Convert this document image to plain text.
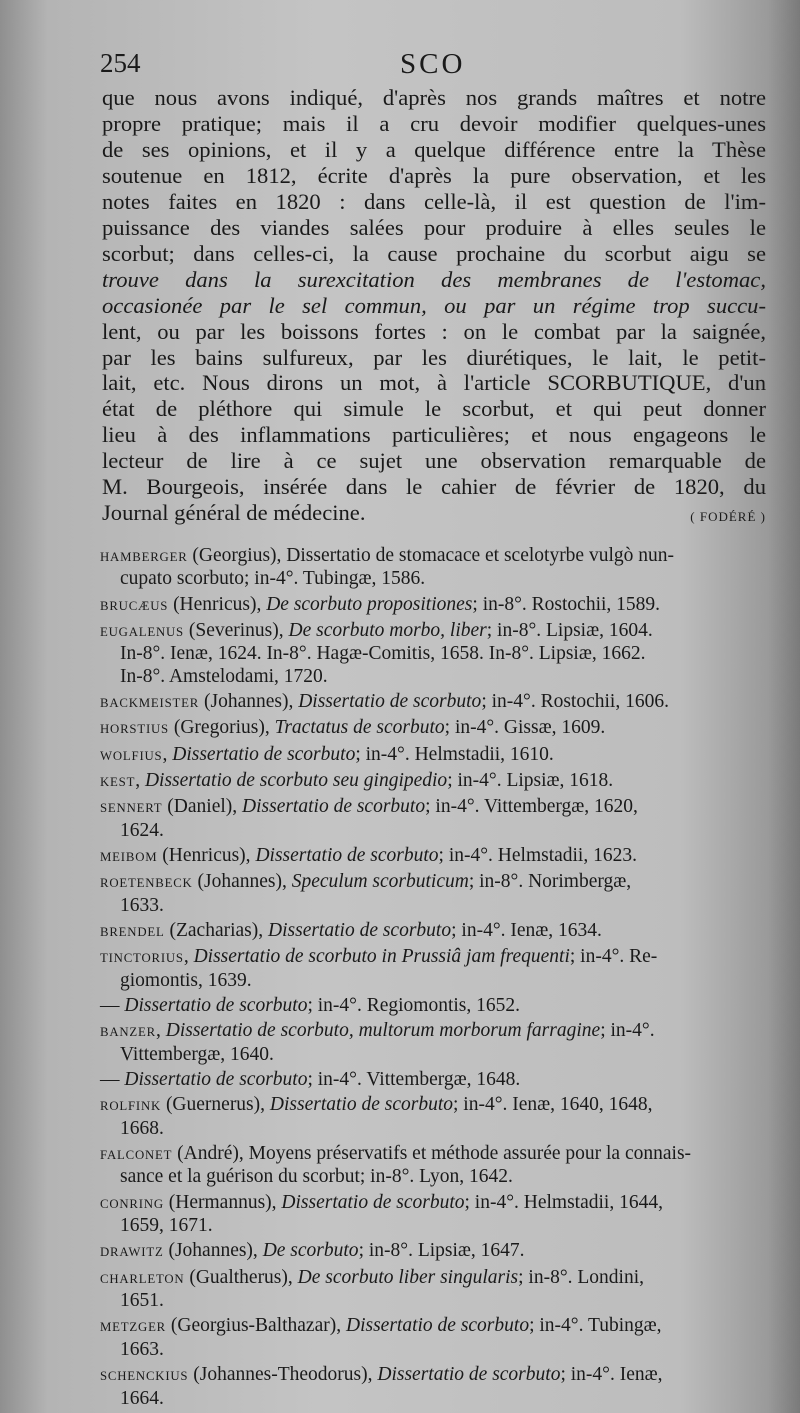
254	SCO
que nous avons indiqué, d'après nos grands maîtres et notre
propre pratique; mais il a cru devoir modifier quelques-unes
de ses opinions, et il y a quelque différence entre la Thèse
soutenue en 1812, écrite d'après la pure observation, et les
notes faites en 1820 : dans celle-là, il est question de l'im-
puissance des viandes salées pour produire à elles seules le
scorbut; dans celles-ci, la cause prochaine du scorbut aigu se
trouve dans la surexcitation des membranes de l'estomac,
occasionée par le sel commun, ou par un régime trop succu-
lent, ou par les boissons fortes : on le combat par la saignée,
par les bains sulfureux, par les diurétiques, le lait, le petit-
lait, etc. Nous dirons un mot, à l'article SCORBUTIQUE, d'un
état de pléthore qui simule le scorbut, et qui peut donner
lieu à des inflammations particulières; et nous engageons le
lecteur de lire à ce sujet une observation remarquable de
M. Bourgeois, insérée dans le cahier de février de 1820, du
Journal général de médecine.	( FODÉRÉ )
HAMBERGER (Georgius), Dissertatio de stomacace et scelotyrbe vulgò nun-
cupato scorbuto; in-4°. Tubingæ, 1586.
BRUCÆUS (Henricus), De scorbuto propositiones; in-8°. Rostochii, 1589.
EUGALENUS (Severinus), De scorbuto morbo, liber; in-8°. Lipsiæ, 1604.
In-8°. Ienæ, 1624. In-8°. Hagæ-Comitis, 1658. In-8°. Lipsiæ, 1662.
In-8°. Amstelodami, 1720.
BACKMEISTER (Johannes), Dissertatio de scorbuto; in-4°. Rostochii, 1606.
HORSTIUS (Gregorius), Tractatus de scorbuto; in-4°. Gissæ, 1609.
WOLFIUS, Dissertatio de scorbuto; in-4°. Helmstadii, 1610.
KEST, Dissertatio de scorbuto seu gingipedio; in-4°. Lipsiæ, 1618.
SENNERT (Daniel), Dissertatio de scorbuto; in-4°. Vittembergæ, 1620,
1624.
MEIBOM (Henricus), Dissertatio de scorbuto; in-4°. Helmstadii, 1623.
ROETENBECK (Johannes), Speculum scorbuticum; in-8°. Norimbergæ,
1633.
BRENDEL (Zacharias), Dissertatio de scorbuto; in-4°. Ienæ, 1634.
TINCTORIUS, Dissertatio de scorbuto in Prussiâ jam frequenti; in-4°. Re-
giomontis, 1639.
— Dissertatio de scorbuto; in-4°. Regiomontis, 1652.
BANZER, Dissertatio de scorbuto, multorum morborum farragine; in-4°.
Vittembergæ, 1640.
— Dissertatio de scorbuto; in-4°. Vittembergæ, 1648.
ROLFINK (Guernerus), Dissertatio de scorbuto; in-4°. Ienæ, 1640, 1648,
1668.
FALCONET (André), Moyens préservatifs et méthode assurée pour la connais-
sance et la guérison du scorbut; in-8°. Lyon, 1642.
CONRING (Hermannus), Dissertatio de scorbuto; in-4°. Helmstadii, 1644,
1659, 1671.
DRAWITZ (Johannes), De scorbuto; in-8°. Lipsiæ, 1647.
CHARLETON (Gualtherus), De scorbuto liber singularis; in-8°. Londini,
1651.
METZGER (Georgius-Balthazar), Dissertatio de scorbuto; in-4°. Tubingæ,
1663.
SCHENCKIUS (Johannes-Theodorus), Dissertatio de scorbuto; in-4°. Ienæ,
1664.
